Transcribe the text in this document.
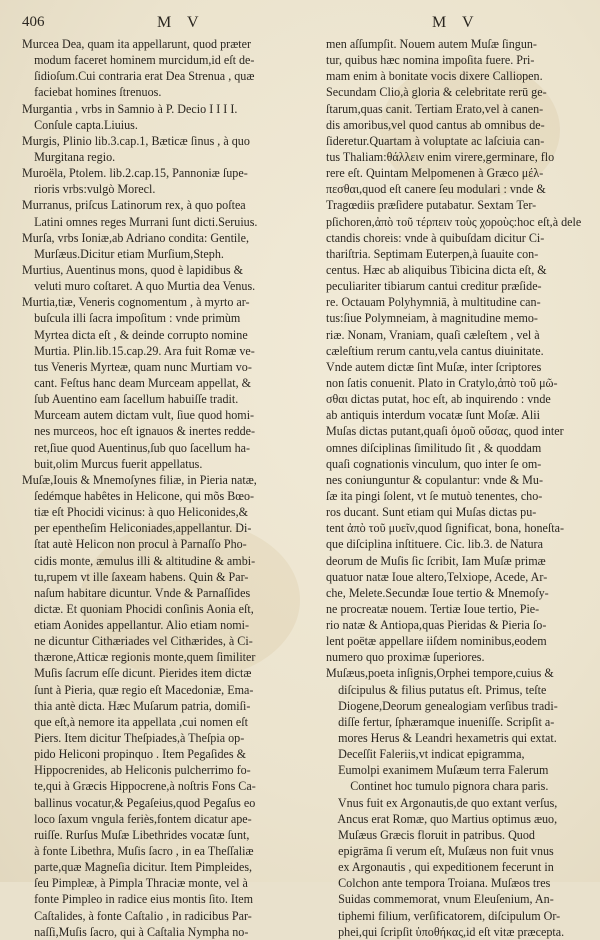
406	M V	M V
Murcea Dea, quam ita appellarunt, quod præter
modum faceret hominem murcidum,id eſt de-
ſidioſum.Cui contraria erat Dea Strenua , quæ
faciebat homines ſtrenuos.
Murgantia , vrbs in Samnio à P. Decio I I I I.
Conſule capta.Liuius.
Murgis, Plinio lib.3.cap.1, Bæticæ ſinus , à quo
Murgitana regio.
Muroëla, Ptolem. lib.2.cap.15, Pannoniæ ſupe-
rioris vrbs:vulgò Morecl.
Murranus, priſcus Latinorum rex, à quo poſtea
Latini omnes reges Murrani ſunt dicti.Seruius.
Murſa, vrbs Ioniæ,ab Adriano condita: Gentile,
Murſæus.Dicitur etiam Murſium,Steph.
Murtius, Auentinus mons, quod è lapidibus &
veluti muro coſtaret. A quo Murtia dea Venus.
Murtia,tiæ, Veneris cognomentum , à myrto ar-
buſcula illi ſacra impoſitum : vnde primùm
Myrtea dicta eſt , & deinde corrupto nomine
Murtia. Plin.lib.15.cap.29. Ara fuit Romæ ve-
tus Veneris Myrteæ, quam nunc Murtiam vo-
cant. Feſtus hanc deam Murceam appellat, &
ſub Auentino eam ſacellum habuiſſe tradit.
Murceam autem dictam vult, ſiue quod homi-
nes murceos, hoc eſt ignauos & inertes redde-
ret,ſiue quod Auentinus,ſub quo ſacellum ha-
buit,olim Murcus fuerit appellatus.
Muſæ,Iouis & Mnemoſynes filiæ, in Pieria natæ,
ſedémque habêtes in Helicone, qui mõs Bœo-
tiæ eſt Phocidi vicinus: à quo Heliconides,&
per epentheſim Heliconiades,appellantur. Di-
ſtat autè Helicon non procul à Parnaſſo Pho-
cidis monte, æmulus illi & altitudine & ambi-
tu,rupem vt ille ſaxeam habens. Quin & Par-
naſum habitare dicuntur. Vnde & Parnaſſides
dictæ. Et quoniam Phocidi conſinis Aonia eſt,
etiam Aonides appellantur. Alio etiam nomi-
ne dicuntur Cithæriades vel Cithærides, à Ci-
thærone,Atticæ regionis monte,quem ſimiliter
Muſis ſacrum eſſe dicunt. Pierides item dictæ
ſunt à Pieria, quæ regio eſt Macedoniæ, Ema-
thia antè dicta. Hæc Muſarum patria, domiſi-
que eſt,à nemore ita appellata ,cui nomen eſt
Piers. Item dicitur Theſpiades,à Theſpia op-
pido Heliconi propinquo . Item Pegaſides &
Hippocrenides, ab Heliconis pulcherrimo fo-
te,qui à Græcis Hippocrene,à noſtris Fons Ca-
ballinus vocatur,& Pegaſeius,quod Pegaſus eo
loco ſaxum vngula feriès,fontem dicatur ape-
ruiſſe. Rurſus Muſæ Libethrides vocatæ ſunt,
à fonte Libethra, Muſis ſacro , in ea Theſſaliæ
parte,quæ Magneſia dicitur. Item Pimpleides,
ſeu Pimpleæ, à Pimpla Thraciæ monte, vel à
fonte Pimpleo in radice eius montis ſito. Item
Caſtalides, à fonte Caſtalio , in radicibus Par-
naſſi,Muſis ſacro, qui à Caſtalia Nympha no-
men aſſumpſit. Nouem autem Muſæ ſingun-
tur, quibus hæc nomina impoſita fuere. Pri-
mam enim à bonitate vocis dixere Calliopen.
Secundam Clio,à gloria & celebritate rerū ge-
ſtarum,quas canit. Tertiam Erato,vel à canen-
dis amoribus,vel quod cantus ab omnibus de-
ſideretur.Quartam à voluptate ac laſciuia can-
tus Thaliam:θάλλειν enim virere,germinare, flo
rere eſt. Quintam Melpomenen à Græco μέλ-
πεσθαι,quod eſt canere ſeu modulari : vnde &
Tragœdiis præſidere putabatur. Sextam Ter-
pſichoren,ἀπὸ τοῦ τέρπειν τοὺς χοροὺς:hoc eſt,à dele
ctandis choreis: vnde à quibuſdam dicitur Ci-
thariſtria. Septimam Euterpen,à ſuauite con-
centus. Hæc ab aliquibus Tibicina dicta eſt, &
peculiariter tibiarum cantui creditur præſide-
re. Octauam Polyhymniā, à multitudine can-
tus:ſiue Polymneiam, à magnitudine memo-
riæ. Nonam, Vraniam, quaſi cæleſtem , vel à
cæleſtium rerum cantu,vela cantus diuinitate.
Vnde autem dictæ ſint Muſæ, inter ſcriptores
non ſatis conuenit. Plato in Cratylo,ἀπὸ τοῦ μῶ-
σθαι dictas putat, hoc eſt, ab inquirendo : vnde
ab antiquis interdum vocatæ ſunt Moſæ. Alii
Muſas dictas putant,quaſi ὁμοῦ οὔσας, quod inter
omnes diſciplinas ſimilitudo ſit , & quoddam
quaſi cognationis vinculum, quo inter ſe om-
nes coniunguntur & copulantur: vnde & Mu-
ſæ ita pingi ſolent, vt ſe mutuò tenentes, cho-
ros ducant. Sunt etiam qui Muſas dictas pu-
tent ἀπὸ τοῦ μυεῖν,quod ſignificat, bona, honeſta-
que diſciplina inſtituere. Cic. lib.3. de Natura
deorum de Muſis ſic ſcribit, Iam Muſæ primæ
quatuor natæ Ioue altero,Telxiope, Acede, Ar-
che, Melete.Secundæ Ioue tertio & Mnemoſy-
ne procreatæ nouem. Tertiæ Ioue tertio, Pie-
rio natæ & Antiopa,quas Pieridas & Pieria ſo-
lent poëtæ appellare iiſdem nominibus,eodem
numero quo proximæ ſuperiores.
Muſæus,poeta inſignis,Orphei tempore,cuius &
diſcipulus & filius putatus eſt. Primus, teſte
Diogene,Deorum genealogiam verſibus tradi-
diſſe fertur, ſphæramque inueniſſe. Scripſit a-
mores Herus & Leandri hexametris qui extat.
Deceſſit Faleriis,vt indicat epigramma,
Eumolpi exanimem Muſæum terra Falerum
Continet hoc tumulo pignora chara paris.
Vnus fuit ex Argonautis,de quo extant verſus,
Ancus erat Romæ, quo Martius optimus æuo,
Muſæus Græcis floruit in patribus. Quod
epigrāma ſi verum eſt, Muſæus non fuit vnus
ex Argonautis , qui expeditionem fecerunt in
Colchon ante tempora Troiana. Muſæos tres
Suidas commemorat, vnum Eleuſenium, An-
tiphemi filium, verſificatorem, diſcipulum Or-
phei,qui ſcripſit ὑποθήκας,id eſt vitæ præcepta.
